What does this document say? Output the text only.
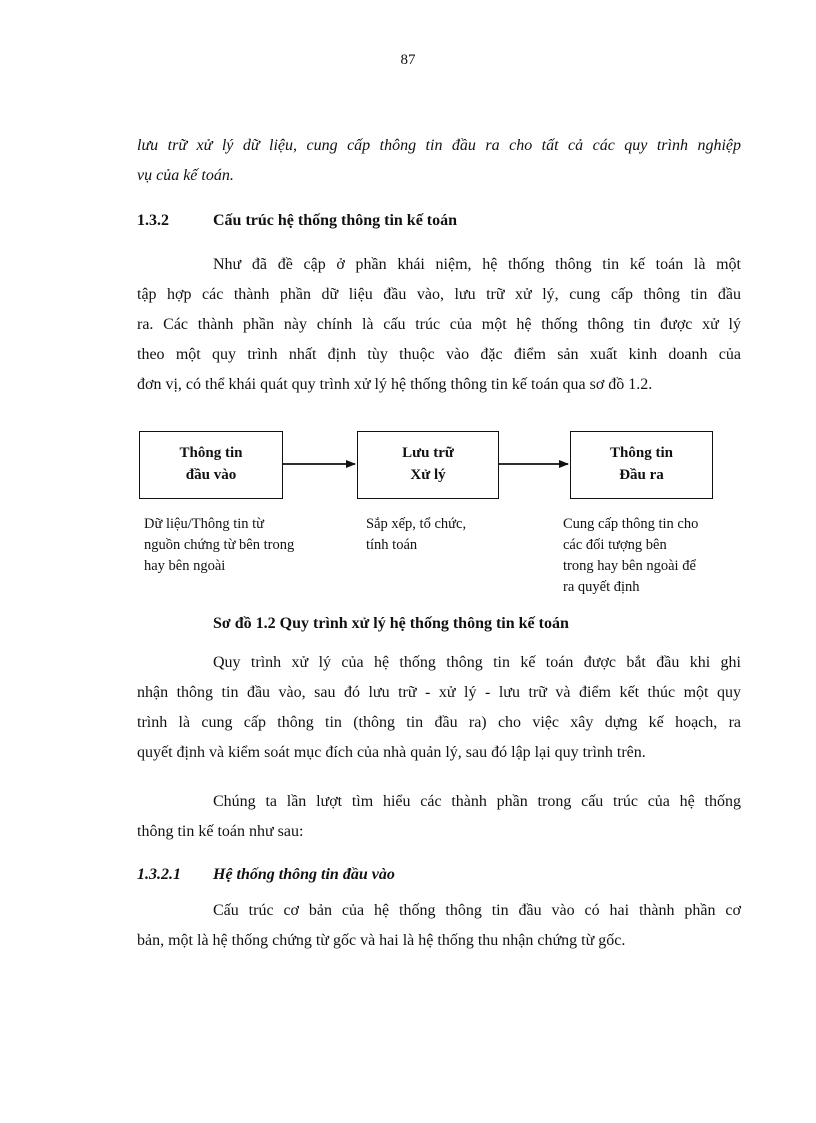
87
lưu trữ xử lý dữ liệu, cung cấp thông tin đầu ra cho tất cả các quy trình nghiệp
vụ của kế toán.
1.3.2	Cấu trúc hệ thống thông tin kế toán
Như đã đề cập ở phần khái niệm, hệ thống thông tin kế toán là một
tập hợp các thành phần dữ liệu đầu vào, lưu trữ xử lý, cung cấp thông tin đầu
ra. Các thành phần này chính là cấu trúc của một hệ thống thông tin được xử lý
theo một quy trình nhất định tùy thuộc vào đặc điểm sản xuất kinh doanh của
đơn vị, có thể khái quát quy trình xử lý hệ thống thông tin kế toán qua sơ đồ 1.2.
Thông tin
đầu vào
Lưu trữ
Xử lý
Thông tin
Đầu ra
Dữ liệu/Thông tin từ
nguồn chứng từ bên trong
hay bên ngoài
Sắp xếp, tổ chức,
tính toán
Cung cấp thông tin cho
các đối tượng bên
trong hay bên ngoài để
ra quyết định
Sơ đồ 1.2 Quy trình xử lý hệ thống thông tin kế toán
Quy trình xử lý của hệ thống thông tin kế toán được bắt đầu khi ghi
nhận thông tin đầu vào, sau đó lưu trữ - xử lý - lưu trữ và điểm kết thúc một quy
trình là cung cấp thông tin (thông tin đầu ra) cho việc xây dựng kế hoạch, ra
quyết định và kiểm soát mục đích của nhà quản lý, sau đó lập lại quy trình trên.
Chúng ta lần lượt tìm hiểu các thành phần trong cấu trúc của hệ thống
thông tin kế toán như sau:
1.3.2.1 Hệ thống thông tin đầu vào
Cấu trúc cơ bản của hệ thống thông tin đầu vào có hai thành phần cơ
bản, một là hệ thống chứng từ gốc và hai là hệ thống thu nhận chứng từ gốc.
